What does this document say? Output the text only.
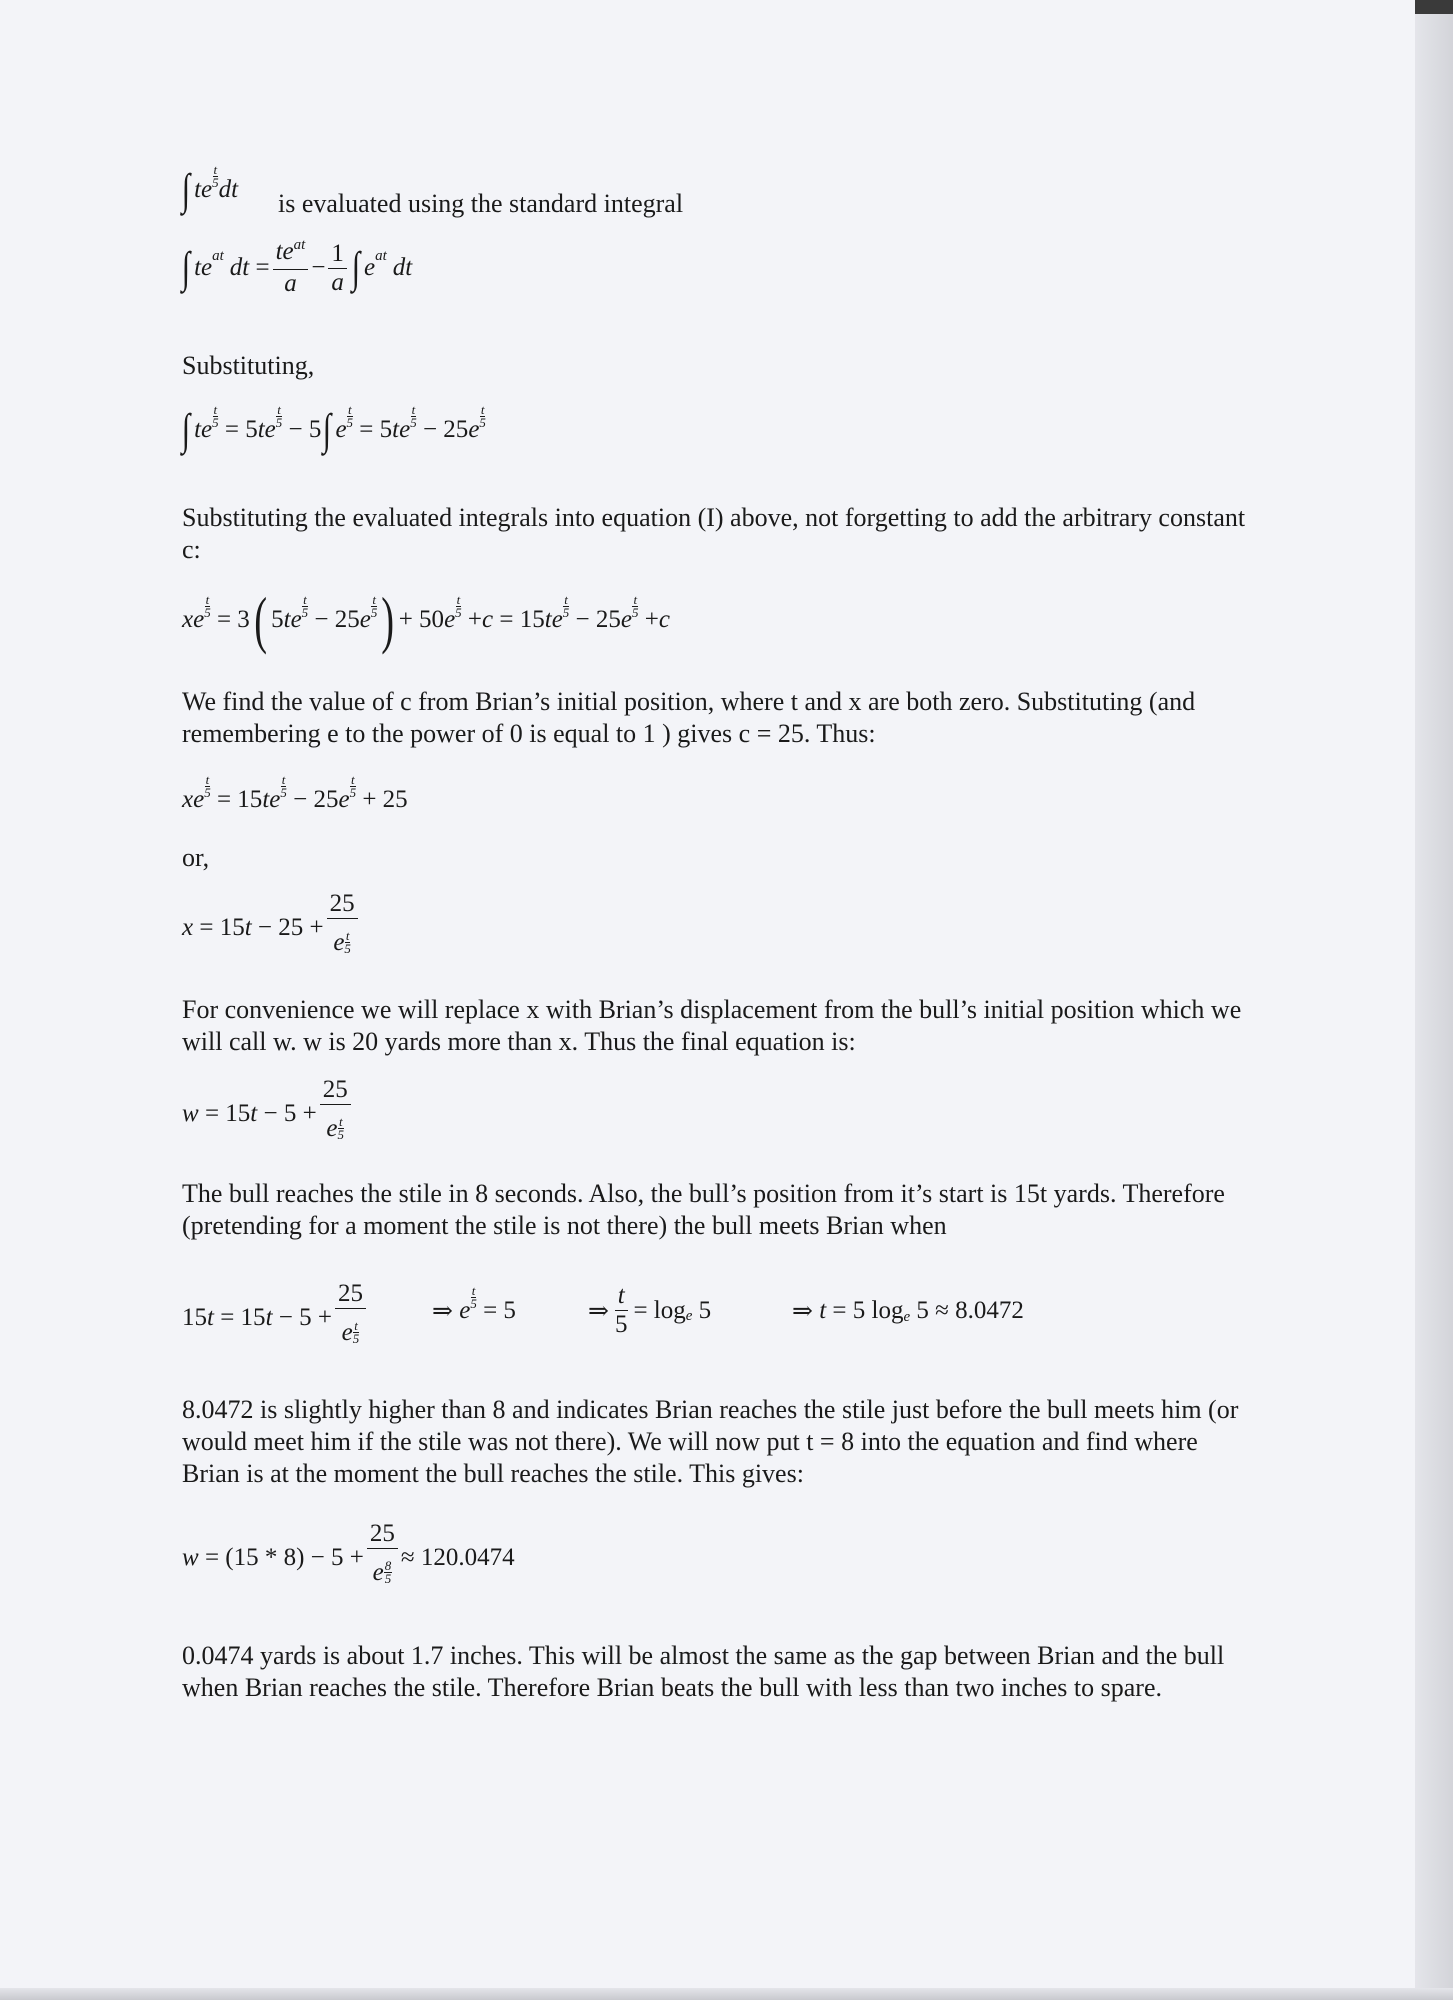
∫ te
t
5 dt is evaluated using the standard integral
∫ te at dt = $\frac{te^{at}}{a} - \frac{1}{a}$ ∫ e at dt
Substituting,
∫ te
t
5 = 5 te
t
5 − 5 ∫ e
t
5 = 5 te
t
5 − 25 e
t
5
Substituting the evaluated integrals into equation (I) above, not forgetting to add the arbitrary constant c:
xe
t
5 = 3 ( 5 te
t
5 − 25 e
t
5 ) + 50 e
t
5 + c = 15 te
t
5 − 25 e
t
5 + c
We find the value of c from Brian’s initial position, where t and x are both zero. Substituting (and remembering e to the power of 0 is equal to 1 ) gives c = 25. Thus:
xe
t
5 = 15 te
t
5 − 25 e
t
5 + 25
or,
x = 15 $t - 25 + \frac{25}{e \frac{t}{5}}$
For convenience we will replace x with Brian’s displacement from the bull’s initial position which we will call w. w is 20 yards more than x. Thus the final equation is:
w = 15 $t - 5 + \frac{25}{e \frac{t}{5}}$
The bull reaches the stile in 8 seconds. Also, the bull’s position from it’s start is 15t yards. Therefore (pretending for a moment the stile is not there) the bull meets Brian when
15 t = 15 $t - 5 + \frac{25}{e \frac{t}{5}}$	⇒ e
t
5 = 5	⇒ $\frac{t}{5} = \log e$ 5	⇒ t = 5 log e 5 ≈ 8.0472
8.0472 is slightly higher than 8 and indicates Brian reaches the stile just before the bull meets him (or would meet him if the stile was not there). We will now put t = 8 into the equation and find where Brian is at the moment the bull reaches the stile. This gives:
$w = (15 * 8) - 5 + \frac{25}{e \frac{8}{5}} \approx 120.0474$
0.0474 yards is about 1.7 inches. This will be almost the same as the gap between Brian and the bull when Brian reaches the stile. Therefore Brian beats the bull with less than two inches to spare.
